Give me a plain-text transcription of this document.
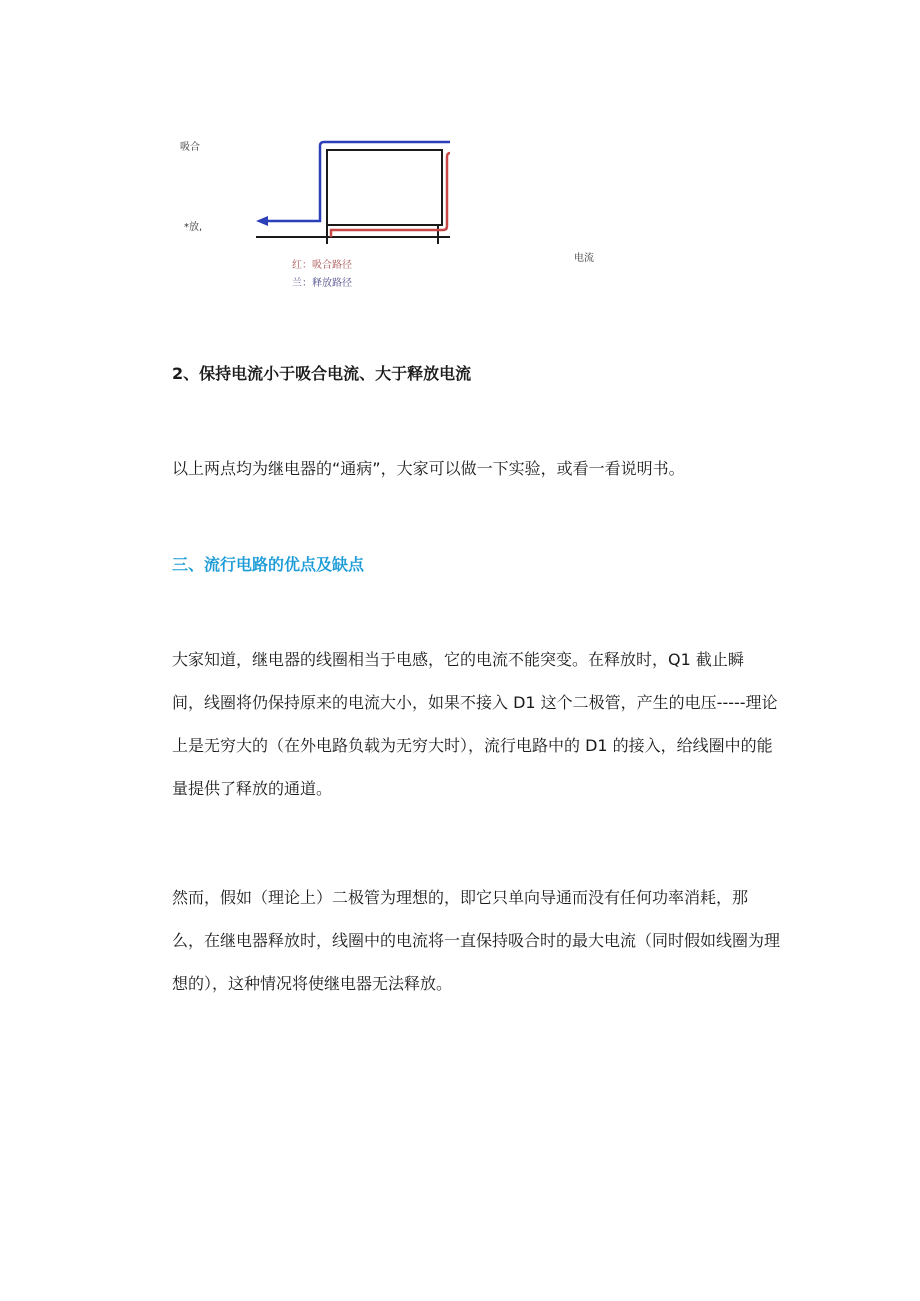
吸合
*放,
电流
红：吸合路径
兰：释放路径
2、保持电流小于吸合电流、大于释放电流
以上两点均为继电器的“通病”，大家可以做一下实验，或看一看说明书。
三、流行电路的优点及缺点
大家知道，继电器的线圈相当于电感，它的电流不能突变。在释放时，Q1 截止瞬
间，线圈将仍保持原来的电流大小，如果不接入 D1 这个二极管，产生的电压-----理论
上是无穷大的（在外电路负载为无穷大时），流行电路中的 D1 的接入，给线圈中的能
量提供了释放的通道。
然而，假如（理论上）二极管为理想的，即它只单向导通而没有任何功率消耗，那
么，在继电器释放时，线圈中的电流将一直保持吸合时的最大电流（同时假如线圈为理
想的），这种情况将使继电器无法释放。
